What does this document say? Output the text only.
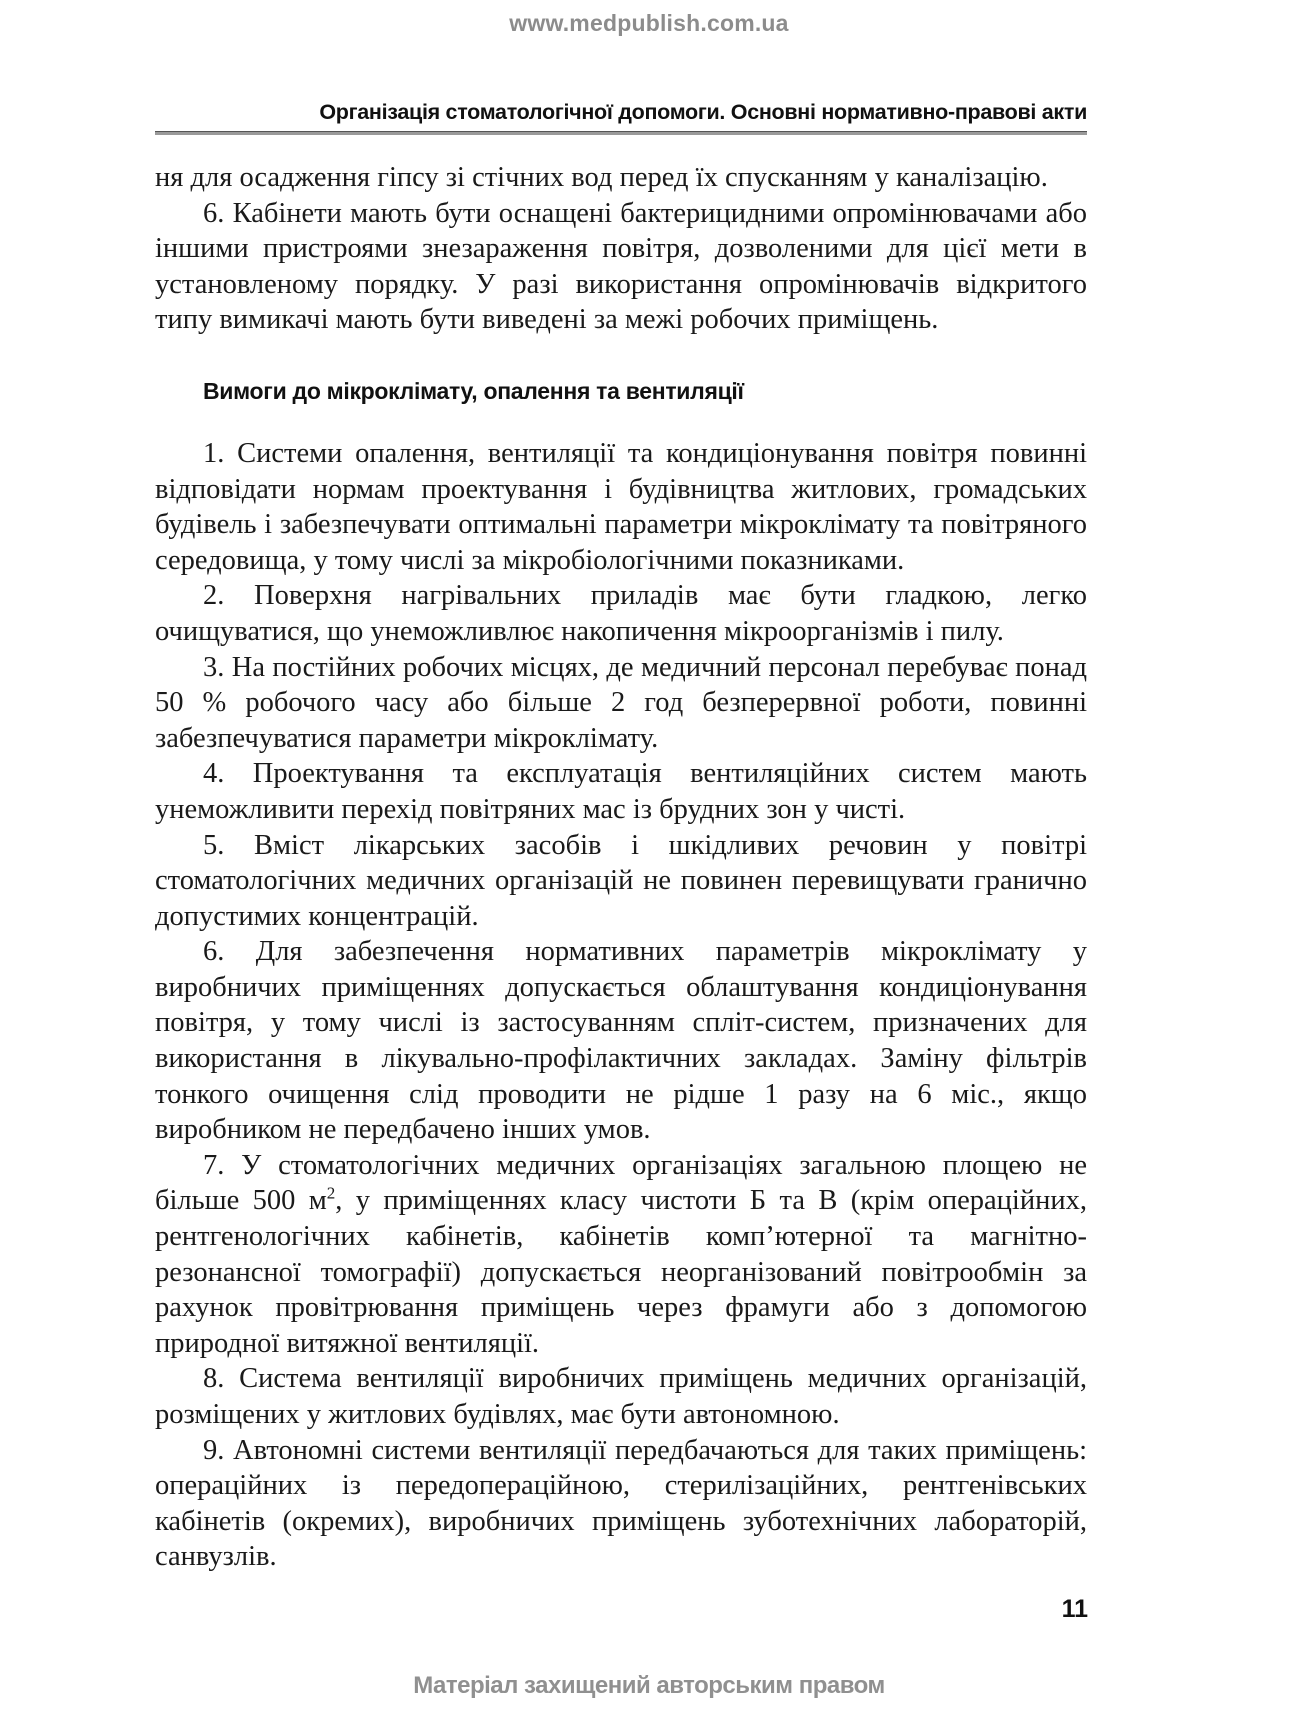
www.medpublish.com.ua
Організація стоматологічної допомоги. Основні нормативно-правові акти

ня для осадження гіпсу зі стічних вод перед їх спусканням у каналізацію.

6. Кабінети мають бути оснащені бактерицидними опромінювачами або іншими пристроями знезараження повітря, дозволеними для цієї мети в установленому порядку. У разі використання опромінювачів відкритого типу вимикачі мають бути виведені за межі робочих приміщень.

Вимоги до мікроклімату, опалення та вентиляції

1. Системи опалення, вентиляції та кондиціонування повітря повинні відповідати нормам проектування і будівництва житлових, громадських будівель і забезпечувати оптимальні параметри мікроклімату та повітряного середовища, у тому числі за мікробіологічними показниками.

2. Поверхня нагрівальних приладів має бути гладкою, легко очищуватися, що унеможливлює накопичення мікроорганізмів і пилу.

3. На постійних робочих місцях, де медичний персонал перебуває понад 50 % робочого часу або більше 2 год безперервної роботи, повинні забезпечуватися параметри мікроклімату.

4. Проектування та експлуатація вентиляційних систем мають унеможливити перехід повітряних мас із брудних зон у чисті.

5. Вміст лікарських засобів і шкідливих речовин у повітрі стоматологічних медичних організацій не повинен перевищувати гранично допустимих концентрацій.

6. Для забезпечення нормативних параметрів мікроклімату у виробничих приміщеннях допускається облаштування кондиціонування повітря, у тому числі із застосуванням спліт-систем, призначених для використання в лікувально-профілактичних закладах. Заміну фільтрів тонкого очищення слід проводити не рідше 1 разу на 6 міс., якщо виробником не передбачено інших умов.

7. У стоматологічних медичних організаціях загальною площею не більше 500 $м^2$, у приміщеннях класу чистоти Б та В (крім операційних, рентгенологічних кабінетів, кабінетів комп’ютерної та магнітно-резонансної томографії) допускається неорганізований повітрообмін за рахунок провітрювання приміщень через фрамуги або з допомогою природної витяжної вентиляції.

8. Система вентиляції виробничих приміщень медичних організацій, розміщених у житлових будівлях, має бути автономною.

9. Автономні системи вентиляції передбачаються для таких приміщень: операційних із передопераційною, стерилізаційних, рентгенівських кабінетів (окремих), виробничих приміщень зуботехнічних лабораторій, санвузлів.

11
Матеріал захищений авторським правом
